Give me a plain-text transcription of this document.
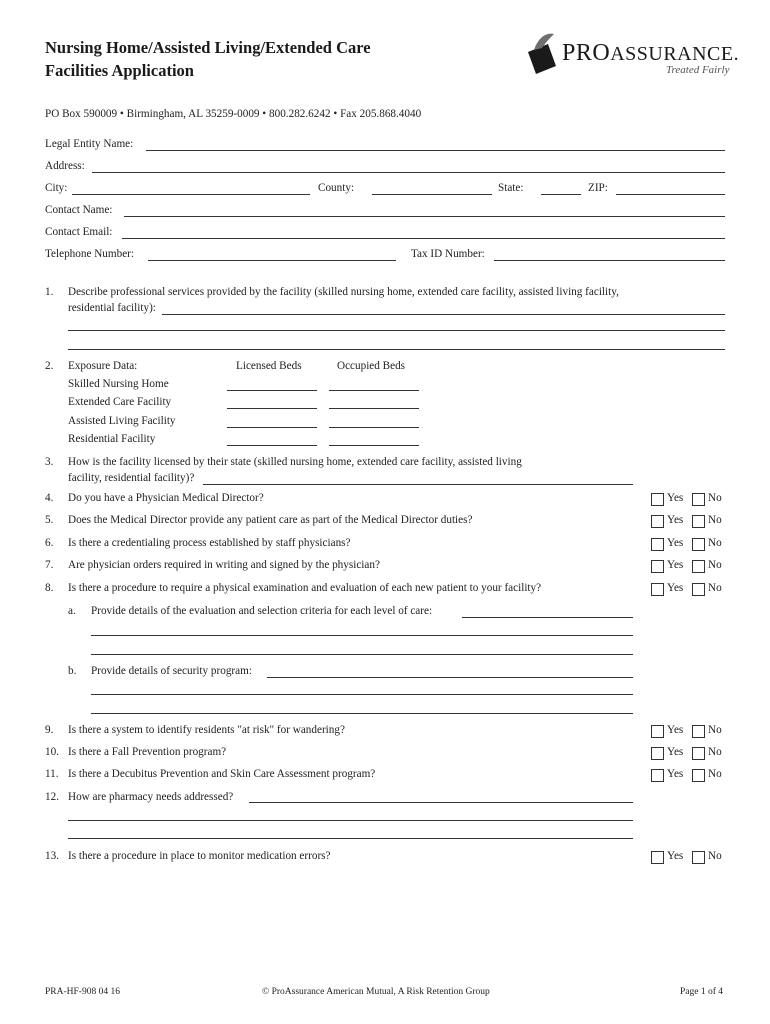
Nursing Home/Assisted Living/Extended Care
Facilities Application
PROASSURANCE.
Treated Fairly
PO Box 590009 • Birmingham, AL 35259-0009 • 800.282.6242 • Fax 205.868.4040
Legal Entity Name:
Address:
City:	County:	State:	ZIP:
Contact Name:
Contact Email:
Telephone Number:	Tax ID Number:
1. Describe professional services provided by the facility (skilled nursing home, extended care facility, assisted living facility,
residential facility):
2. Exposure Data:	Licensed Beds	Occupied Beds
Skilled Nursing Home
Extended Care Facility
Assisted Living Facility
Residential Facility
3. How is the facility licensed by their state (skilled nursing home, extended care facility, assisted living
facility, residential facility)?
4. Do you have a Physician Medical Director?	Yes No
5. Does the Medical Director provide any patient care as part of the Medical Director duties?	Yes No
6. Is there a credentialing process established by staff physicians?	Yes No
7. Are physician orders required in writing and signed by the physician?	Yes No
8. Is there a procedure to require a physical examination and evaluation of each new patient to your facility?	Yes No
a. Provide details of the evaluation and selection criteria for each level of care:
b. Provide details of security program:
9. Is there a system to identify residents "at risk" for wandering?	Yes No
10. Is there a Fall Prevention program?	Yes No
11. Is there a Decubitus Prevention and Skin Care Assessment program?	Yes No
12. How are pharmacy needs addressed?
13. Is there a procedure in place to monitor medication errors?	Yes No
PRA-HF-908 04 16	© ProAssurance American Mutual, A Risk Retention Group	Page 1 of 4
